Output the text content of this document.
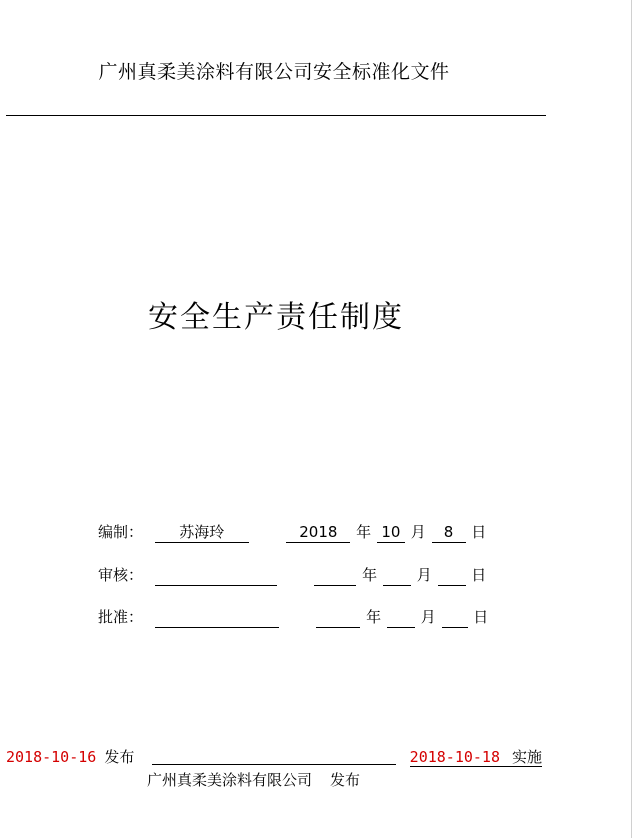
广州真柔美涂料有限公司安全标准化文件
安全生产责任制度
编制： 苏海玲	2018 年 10 月 8 日
审核：	年	月	日
批准：	年	月	日
2018-10-16 发布	2018-10-18 实施
广州真柔美涂料有限公司 发布
